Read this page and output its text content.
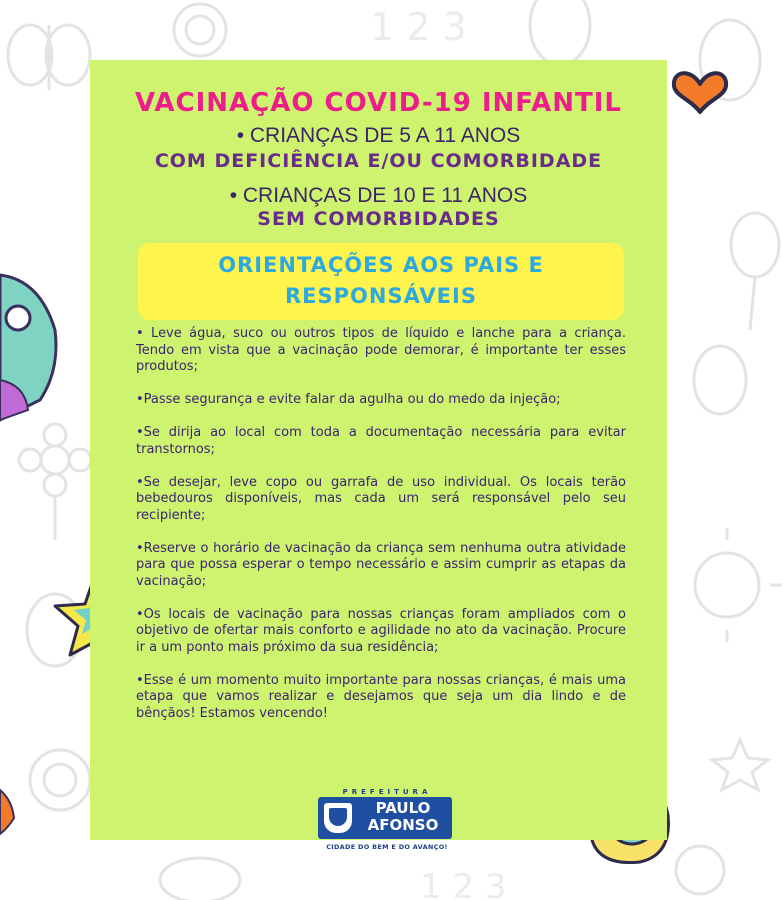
1 2 3
1 2 3
VACINAÇÃO COVID-19 INFANTIL
• CRIANÇAS DE 5 A 11 ANOS
COM DEFICIÊNCIA E/OU COMORBIDADE
• CRIANÇAS DE 10 E 11 ANOS
SEM COMORBIDADES
ORIENTAÇÕES AOS PAIS E
RESPONSÁVEIS

• Leve água, suco ou outros tipos de líquido e lanche para a criança. Tendo em vista que a vacinação pode demorar, é importante ter esses produtos;

•Passe segurança e evite falar da agulha ou do medo da injeção;

•Se dirija ao local com toda a documentação necessária para evitar transtornos;

•Se desejar, leve copo ou garrafa de uso individual. Os locais terão bebedouros disponíveis, mas cada um será responsável pelo seu recipiente;

•Reserve o horário de vacinação da criança sem nenhuma outra atividade para que possa esperar o tempo necessário e assim cumprir as etapas da vacinação;

•Os locais de vacinação para nossas crianças foram ampliados com o objetivo de ofertar mais conforto e agilidade no ato da vacinação. Procure ir a um ponto mais próximo da sua residência;

•Esse é um momento muito importante para nossas crianças, é mais uma etapa que vamos realizar e desejamos que seja um dia lindo e de bênçãos! Estamos vencendo!

PREFEITURA
PAULO
AFONSO
CIDADE DO BEM E DO AVANÇO!
